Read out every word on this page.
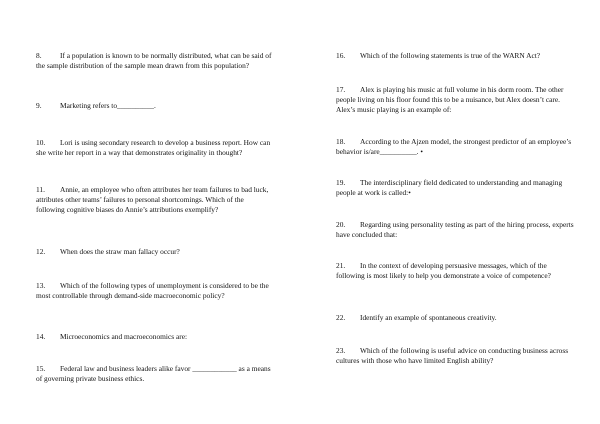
8. If a population is known to be normally distributed, what can be said of the sample distribution of the sample mean drawn from this population?

9. Marketing refers to__________.

10. Lori is using secondary research to develop a business report. How can she write her report in a way that demonstrates originality in thought?

11. Annie, an employee who often attributes her team failures to bad luck, attributes other teams’ failures to personal shortcomings. Which of the following cognitive biases do Annie’s attributions exemplify?

12. When does the straw man fallacy occur?

13. Which of the following types of unemployment is considered to be the most controllable through demand-side macroeconomic policy?

14. Microeconomics and macroeconomics are:

15. Federal law and business leaders alike favor ____________ as a means of governing private business ethics.

16. Which of the following statements is true of the WARN Act?

17. Alex is playing his music at full volume in his dorm room. The other people living on his floor found this to be a nuisance, but Alex doesn’t care. Alex’s music playing is an example of:

18. According to the Ajzen model, the strongest predictor of an employee’s behavior is/are__________. •

19. The interdisciplinary field dedicated to understanding and managing people at work is called:•

20. Regarding using personality testing as part of the hiring process, experts have concluded that:

21. In the context of developing persuasive messages, which of the following is most likely to help you demonstrate a voice of competence?

22. Identify an example of spontaneous creativity.

23. Which of the following is useful advice on conducting business across cultures with those who have limited English ability?
